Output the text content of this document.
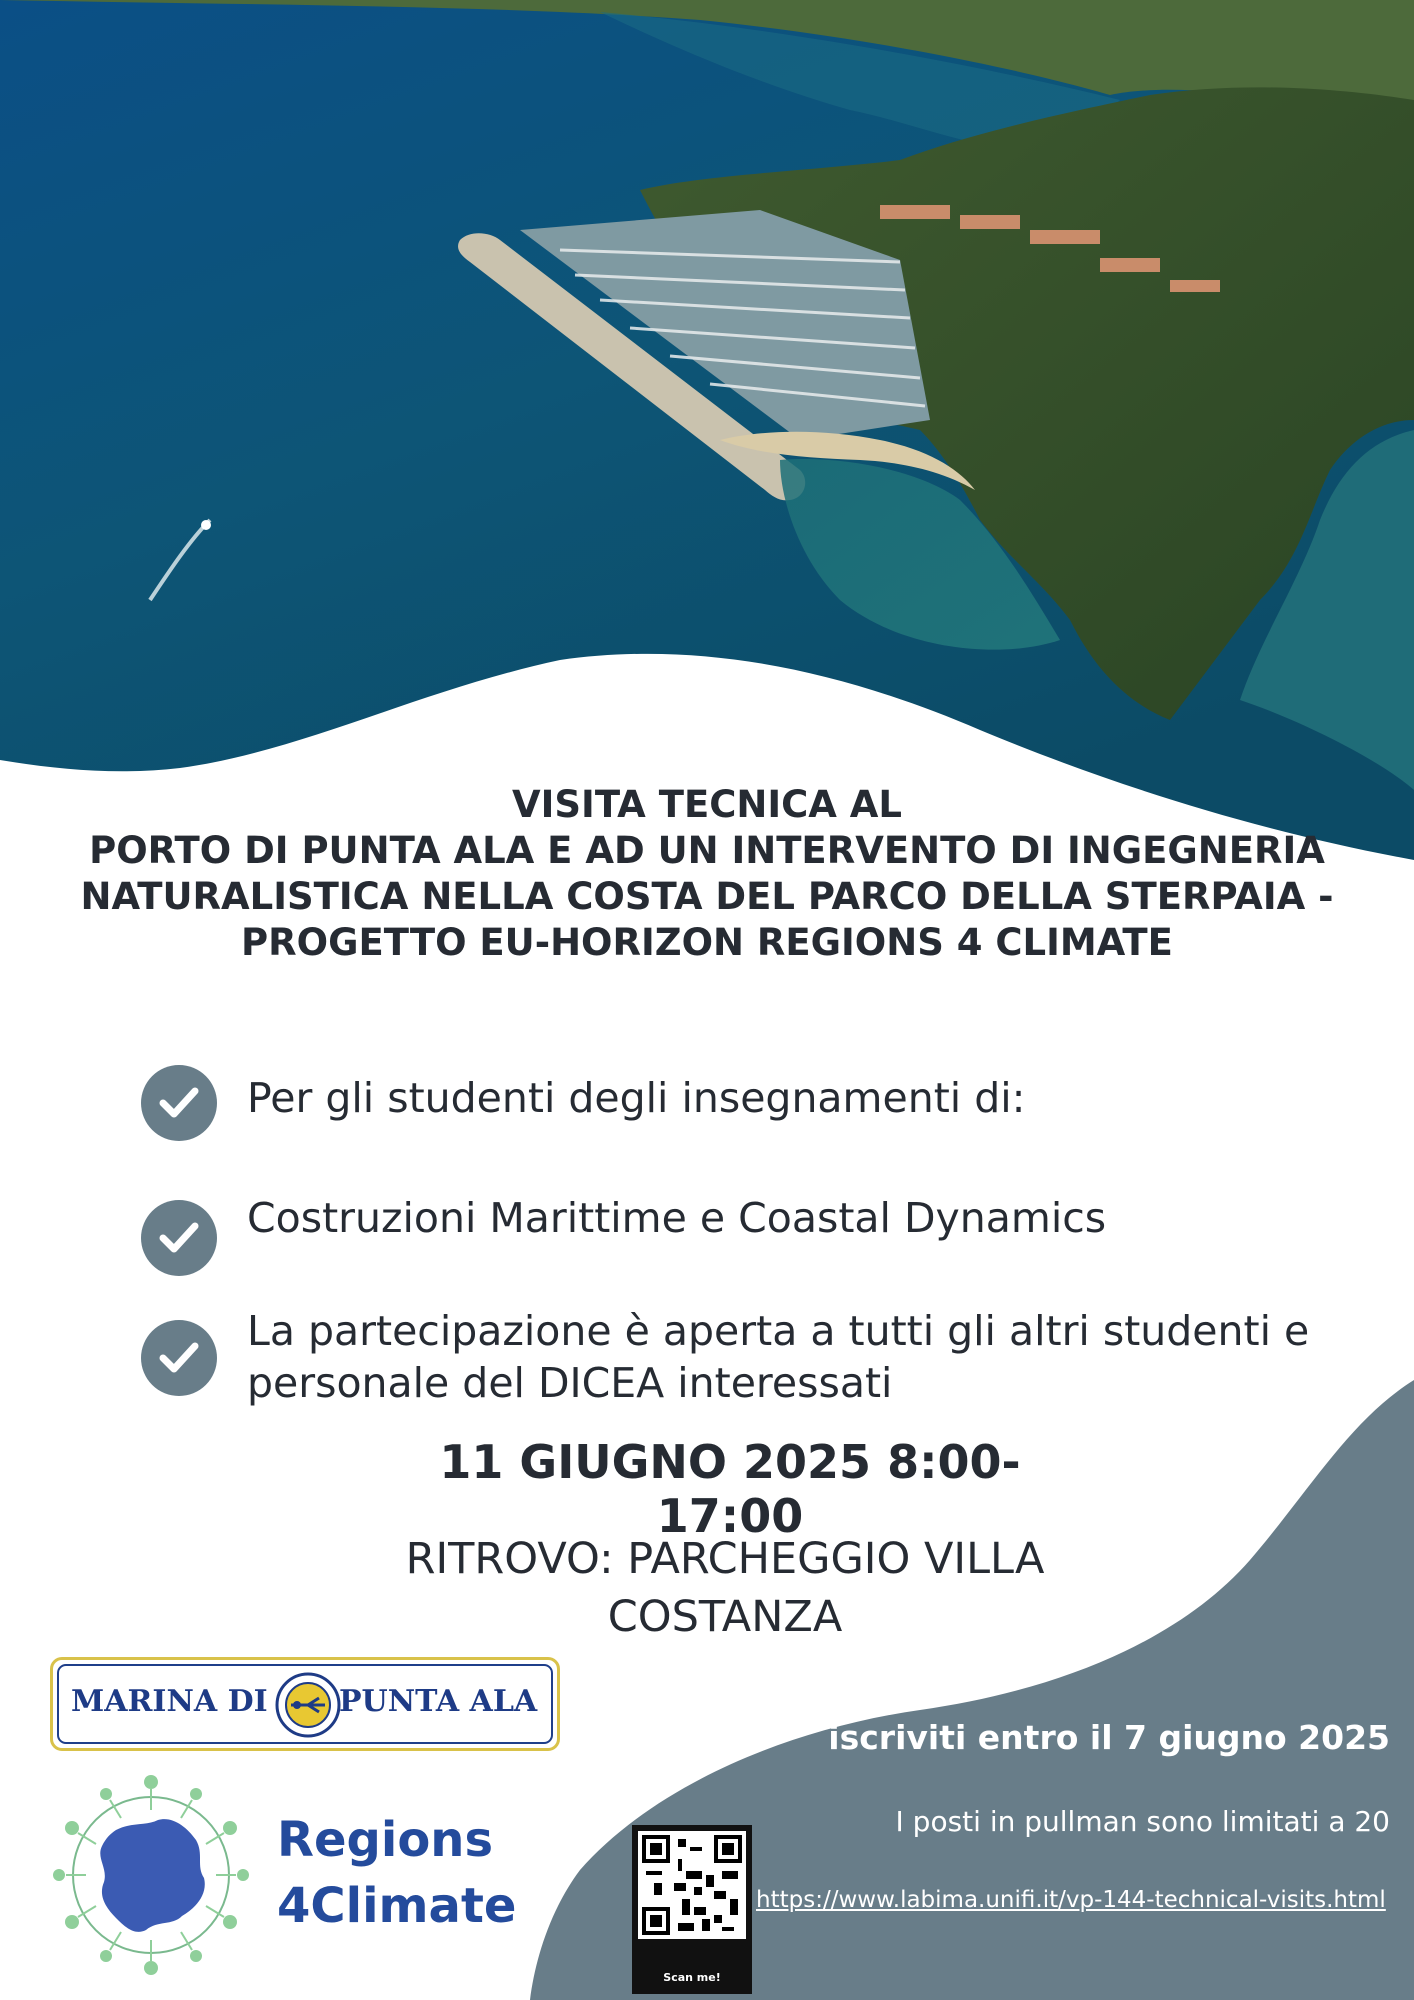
VISITA TECNICA AL
PORTO DI PUNTA ALA E AD UN INTERVENTO DI INGEGNERIA
NATURALISTICA NELLA COSTA DEL PARCO DELLA STERPAIA -
PROGETTO EU-HORIZON REGIONS 4 CLIMATE
Per gli studenti degli insegnamenti di:
Costruzioni Marittime e Coastal Dynamics
La partecipazione è aperta a tutti gli altri studenti e
personale del DICEA interessati
11 GIUGNO 2025 8:00-17:00
RITROVO: PARCHEGGIO VILLA
COSTANZA
MARINA DI PUNTA ALA
Regions
4Climate
iscriviti entro il 7 giugno 2025
I posti in pullman sono limitati a 20
Scan me!
https://www.labima.unifi.it/vp-144-technical-visits.html
